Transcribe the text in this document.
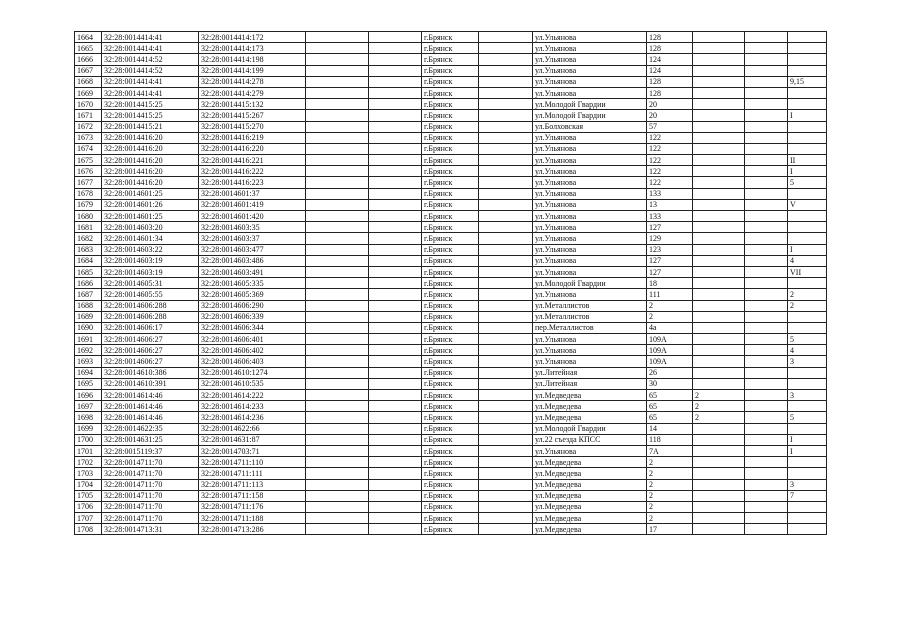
1664	32:28:0014414:41	32:28:0014414:172			г.Брянск		ул.Ульянова	128			
1665	32:28:0014414:41	32:28:0014414:173			г.Брянск		ул.Ульянова	128			
1666	32:28:0014414:52	32:28:0014414:198			г.Брянск		ул.Ульянова	124			
1667	32:28:0014414:52	32:28:0014414:199			г.Брянск		ул.Ульянова	124			
1668	32:28:0014414:41	32:28:0014414:278			г.Брянск		ул.Ульянова	128			9,15
1669	32:28:0014414:41	32:28:0014414:279			г.Брянск		ул.Ульянова	128			
1670	32:28:0014415:25	32:28:0014415:132			г.Брянск		ул.Молодой Гвардии	20			
1671	32:28:0014415:25	32:28:0014415:267			г.Брянск		ул.Молодой Гвардии	20			I
1672	32:28:0014415:21	32:28:0014415:270			г.Брянск		ул.Болховская	57			
1673	32:28:0014416:20	32:28:0014416:219			г.Брянск		ул.Ульянова	122			
1674	32:28:0014416:20	32:28:0014416:220			г.Брянск		ул.Ульянова	122			
1675	32:28:0014416:20	32:28:0014416:221			г.Брянск		ул.Ульянова	122			II
1676	32:28:0014416:20	32:28:0014416:222			г.Брянск		ул.Ульянова	122			I
1677	32:28:0014416:20	32:28:0014416:223			г.Брянск		ул.Ульянова	122			5
1678	32:28:0014601:25	32:28:0014601:37			г.Брянск		ул.Ульянова	133			
1679	32:28:0014601:26	32:28:0014601:419			г.Брянск		ул.Ульянова	13			V
1680	32:28:0014601:25	32:28:0014601:420			г.Брянск		ул.Ульянова	133			
1681	32:28:0014603:20	32:28:0014603:35			г.Брянск		ул.Ульянова	127			
1682	32:28:0014601:34	32:28:0014603:37			г.Брянск		ул.Ульянова	129			
1683	32:28:0014603:22	32:28:0014603:477			г.Брянск		ул.Ульянова	123			I
1684	32:28:0014603:19	32:28:0014603:486			г.Брянск		ул.Ульянова	127			4
1685	32:28:0014603:19	32:28:0014603:491			г.Брянск		ул.Ульянова	127			VII
1686	32:28:0014605:31	32:28:0014605:335			г.Брянск		ул.Молодой Гвардии	18			
1687	32:28:0014605:55	32:28:0014605:369			г.Брянск		ул.Ульянова	111			2
1688	32:28:0014606:288	32:28:0014606:290			г.Брянск		ул.Металлистов	2			2
1689	32:28:0014606:288	32:28:0014606:339			г.Брянск		ул.Металлистов	2			
1690	32:28:0014606:17	32:28:0014606:344			г.Брянск		пер.Металлистов	4а			
1691	32:28:0014606:27	32:28:0014606:401			г.Брянск		ул.Ульянова	109А			5
1692	32:28:0014606:27	32:28:0014606:402			г.Брянск		ул.Ульянова	109А			4
1693	32:28:0014606:27	32:28:0014606:403			г.Брянск		ул.Ульянова	109А			3
1694	32:28:0014610:386	32:28:0014610:1274			г.Брянск		ул.Литейная	26			
1695	32:28:0014610:391	32:28:0014610:535			г.Брянск		ул.Литейная	30			
1696	32:28:0014614:46	32:28:0014614:222			г.Брянск		ул.Медведева	65	2		3
1697	32:28:0014614:46	32:28:0014614:233			г.Брянск		ул.Медведева	65	2		
1698	32:28:0014614:46	32:28:0014614:236			г.Брянск		ул.Медведева	65	2		5
1699	32:28:0014622:35	32:28:0014622:66			г.Брянск		ул.Молодой Гвардии	14			
1700	32:28:0014631:25	32:28:0014631:87			г.Брянск		ул.22 съезда КПСС	118			I
1701	32:28:0015119:37	32:28:0014703:71			г.Брянск		ул.Ульянова	7А			I
1702	32:28:0014711:70	32:28:0014711:110			г.Брянск		ул.Медведева	2			
1703	32:28:0014711:70	32:28:0014711:111			г.Брянск		ул.Медведева	2			
1704	32:28:0014711:70	32:28:0014711:113			г.Брянск		ул.Медведева	2			3
1705	32:28:0014711:70	32:28:0014711:158			г.Брянск		ул.Медведева	2			7
1706	32:28:0014711:70	32:28:0014711:176			г.Брянск		ул.Медведева	2			
1707	32:28:0014711:70	32:28:0014711:188			г.Брянск		ул.Медведева	2			
1708	32:28:0014713:31	32:28:0014713:286			г.Брянск		ул.Медведева	17			
